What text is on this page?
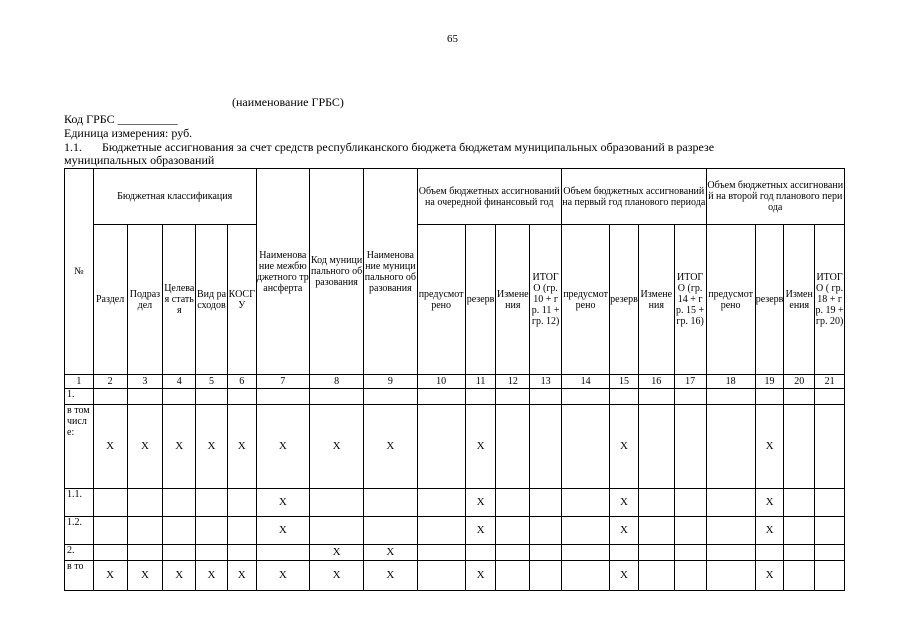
65
(наименование ГРБС)
Код ГРБС __________
Единица измерения: руб.
1.1. Бюджетные ассигнования за счет средств республиканского бюджета бюджетам муниципальных образований в разрезе
муниципальных образований
№	Бюджетная классификация					Наименование межбюджетного трансферта	Код муниципального образования	Наименование муниципального образования	Объем бюджетных ассигнований на очередной финансовый год				Объем бюджетных ассигнований на первый год планового периода				Объем бюджетных ассигнований на второй год планового периода			
	Раздел	Подраздел	Целевая статья	Вид расходов	КОСГУ				предусмотрено	резерв	Изменения	ИТОГО (гр. 10 + гр. 11 + гр. 12)	предусмотрено	резерв	Изменения	ИТОГО (гр. 14 + гр. 15 + гр. 16)	предусмотрено	резерв	Изменения	ИТОГО ( гр. 18 + гр. 19 + гр. 20)
1	2	3	4	5	6	7	8	9	10	11	12	13	14	15	16	17	18	19	20	21
1.																				
в том числе:	X	X	X	X	X	X	X	X		X				X				X		
1.1.						X				X				X				X		
1.2.						X				X				X				X		
2.							X	X												
в то	X	X	X	X	X	X	X	X		X				X				X		
